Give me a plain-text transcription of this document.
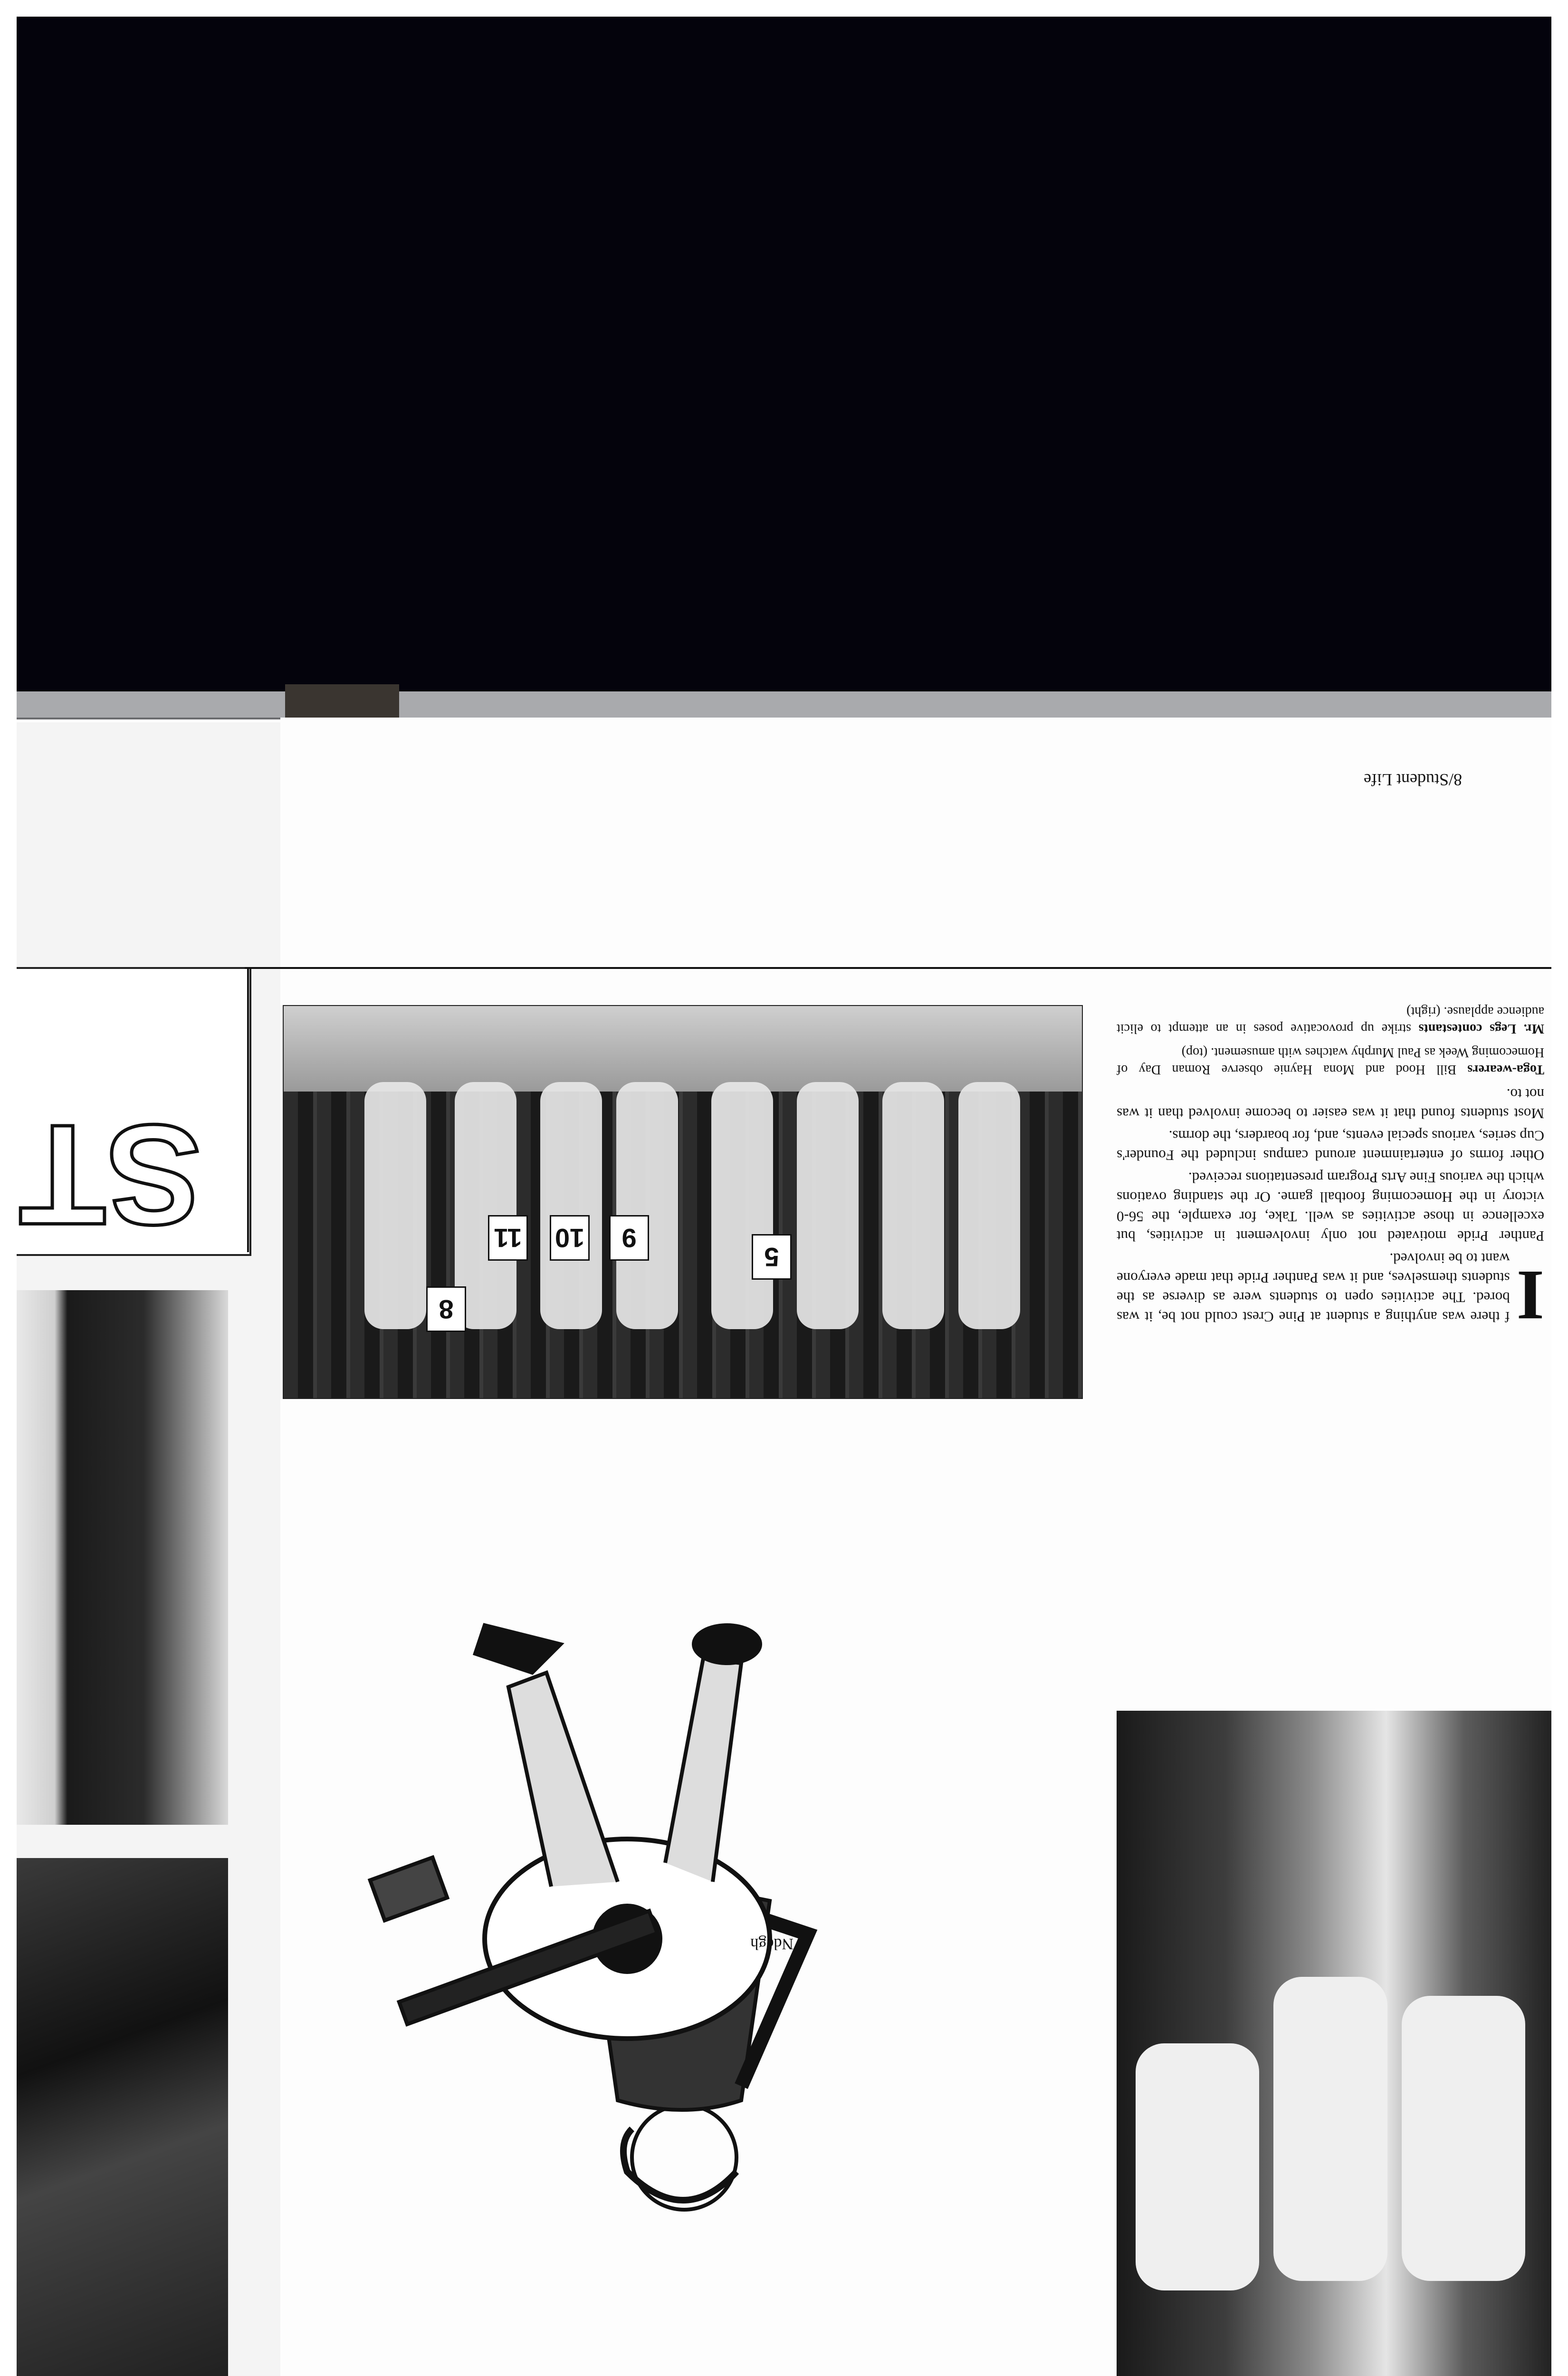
ST
8/Student Life
8
11 10	9
5	I
f there was anything a student at Pine Crest could not be, it was bored. The activities open to students were as diverse as the students themselves, and it was Panther Pride that made everyone want to be involved.

Panther Pride motivated not only involvement in activities, but excellence in those activities as well. Take, for example, the 56-0 victory in the Homecoming football game. Or the standing ovations which the various Fine Arts Program presentations received.

Other forms of entertainment around campus included the Founder's Cup series, various special events, and, for boarders, the dorms.

Most students found that it was easier to become involved than it was not to.

Toga-wearers Bill Hood and Mona Haynie observe Roman Day of Homecoming Week as Paul Murphy watches with amusement. (top)

Mr. Legs contestants strike up provocative poses in an attempt to elicit audience applause. (right)

Ndegh
